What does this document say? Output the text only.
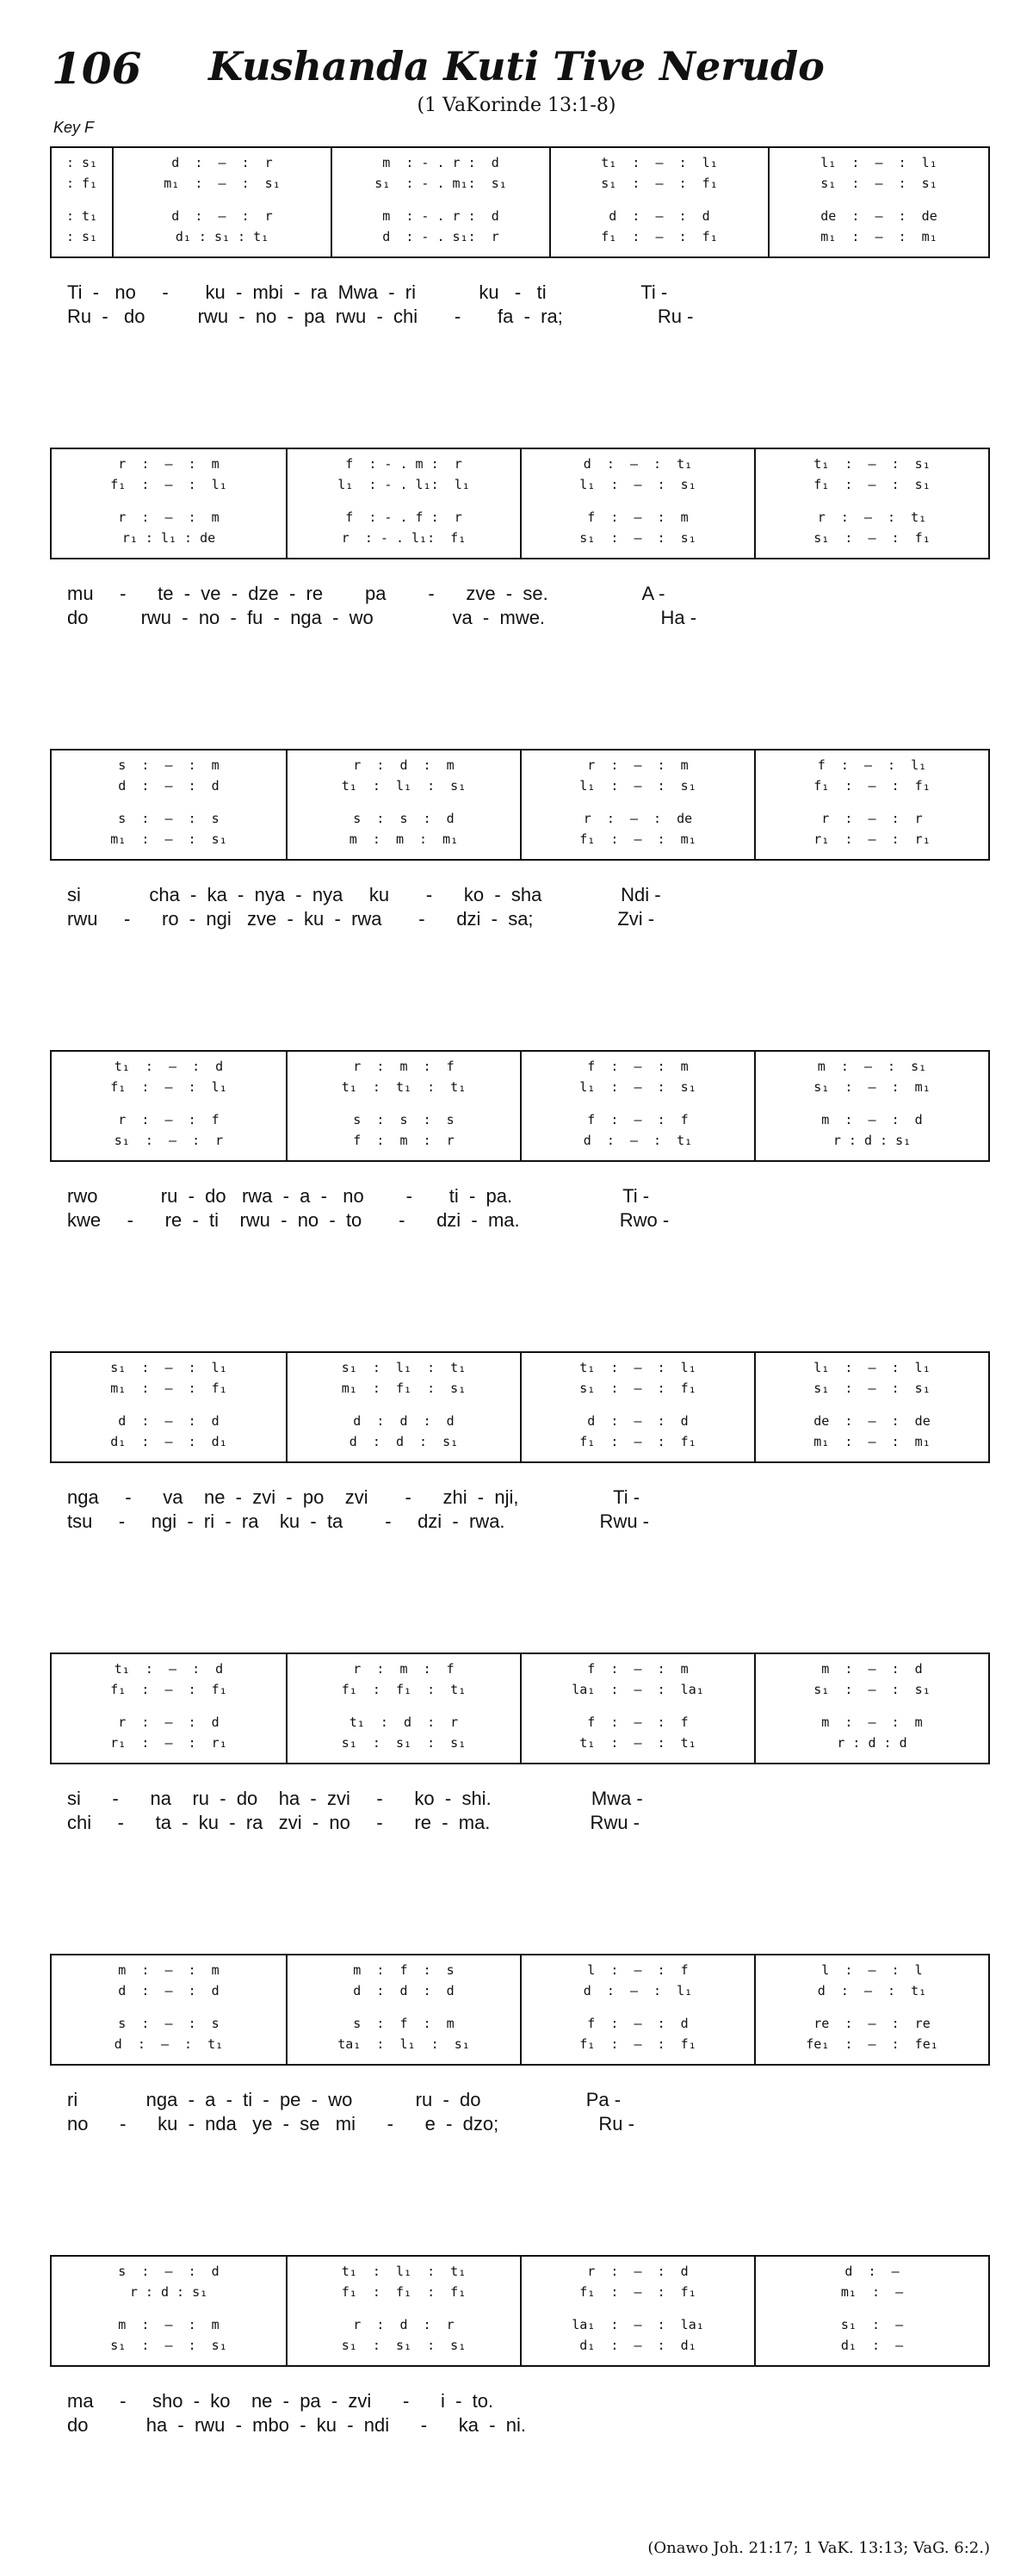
106	Kushanda Kuti Tive Nerudo
(1 VaKorinde 13:1-8)
Key F
: s₁
: f₁
: t₁
: s₁
d  :  —  :  r
m₁  :  —  :  s₁
d  :  —  :  r
d₁ : s₁ : t₁
m  : - . r :  d
s₁  : - . m₁:  s₁
m  : - . r :  d
d  : - . s₁:  r
t₁  :  —  :  l₁
s₁  :  —  :  f₁
d  :  —  :  d
f₁  :  —  :  f₁
l₁  :  —  :  l₁
s₁  :  —  :  s₁
de  :  —  :  de
m₁  :  —  :  m₁
Ti  -   no     -       ku  -  mbi  -  ra  Mwa  -  ri            ku   -   ti                  Ti -
Ru  -   do          rwu  -  no  -  pa  rwu  -  chi       -       fa  -  ra;                  Ru -
r  :  —  :  m
f₁  :  —  :  l₁
r  :  —  :  m
r₁ : l₁ : de
f  : - . m :  r
l₁  : - . l₁:  l₁
f  : - . f :  r
r  : - . l₁:  f₁
d  :  —  :  t₁
l₁  :  —  :  s₁
f  :  —  :  m
s₁  :  —  :  s₁
t₁  :  —  :  s₁
f₁  :  —  :  s₁
r  :  —  :  t₁
s₁  :  —  :  f₁
mu     -      te  -  ve  -  dze  -  re        pa        -      zve  -  se.                  A -
do          rwu  -  no  -  fu  -  nga  -  wo               va  -  mwe.                      Ha -
s  :  —  :  m
d  :  —  :  d
s  :  —  :  s
m₁  :  —  :  s₁
r  :  d  :  m
t₁  :  l₁  :  s₁
s  :  s  :  d
m  :  m  :  m₁
r  :  —  :  m
l₁  :  —  :  s₁
r  :  —  :  de
f₁  :  —  :  m₁
f  :  —  :  l₁
f₁  :  —  :  f₁
r  :  —  :  r
r₁  :  —  :  r₁
si             cha  -  ka  -  nya  -  nya     ku       -      ko  -  sha               Ndi -
rwu     -      ro  -  ngi   zve  -  ku  -  rwa       -      dzi  -  sa;                Zvi -
t₁  :  —  :  d
f₁  :  —  :  l₁
r  :  —  :  f
s₁  :  —  :  r
r  :  m  :  f
t₁  :  t₁  :  t₁
s  :  s  :  s
f  :  m  :  r
f  :  —  :  m
l₁  :  —  :  s₁
f  :  —  :  f
d  :  —  :  t₁
m  :  —  :  s₁
s₁  :  —  :  m₁
m  :  —  :  d
r : d : s₁
rwo            ru  -  do   rwa  -  a  -   no        -       ti  -  pa.                     Ti -
kwe     -      re  -  ti    rwu  -  no  -  to       -      dzi  -  ma.                   Rwo -
s₁  :  —  :  l₁
m₁  :  —  :  f₁
d  :  —  :  d
d₁  :  —  :  d₁
s₁  :  l₁  :  t₁
m₁  :  f₁  :  s₁
d  :  d  :  d
d  :  d  :  s₁
t₁  :  —  :  l₁
s₁  :  —  :  f₁
d  :  —  :  d
f₁  :  —  :  f₁
l₁  :  —  :  l₁
s₁  :  —  :  s₁
de  :  —  :  de
m₁  :  —  :  m₁
nga     -      va    ne  -  zvi  -  po    zvi       -      zhi  -  nji,                  Ti -
tsu     -     ngi  -  ri  -  ra    ku  -  ta        -     dzi  -  rwa.                  Rwu -
t₁  :  —  :  d
f₁  :  —  :  f₁
r  :  —  :  d
r₁  :  —  :  r₁
r  :  m  :  f
f₁  :  f₁  :  t₁
t₁  :  d  :  r
s₁  :  s₁  :  s₁
f  :  —  :  m
la₁  :  —  :  la₁
f  :  —  :  f
t₁  :  —  :  t₁
m  :  —  :  d
s₁  :  —  :  s₁
m  :  —  :  m
r : d : d
si      -      na    ru  -  do    ha  -  zvi     -      ko  -  shi.                   Mwa -
chi     -      ta  -  ku  -  ra   zvi  -  no     -      re  -  ma.                   Rwu -
m  :  —  :  m
d  :  —  :  d
s  :  —  :  s
d  :  —  :  t₁
m  :  f  :  s
d  :  d  :  d
s  :  f  :  m
ta₁  :  l₁  :  s₁
l  :  —  :  f
d  :  —  :  l₁
f  :  —  :  d
f₁  :  —  :  f₁
l  :  —  :  l
d  :  —  :  t₁
re  :  —  :  re
fe₁  :  —  :  fe₁
ri             nga  -  a  -  ti  -  pe  -  wo            ru  -  do                    Pa -
no      -      ku  -  nda   ye  -  se   mi      -      e  -  dzo;                   Ru -
s  :  —  :  d
r : d : s₁
m  :  —  :  m
s₁  :  —  :  s₁
t₁  :  l₁  :  t₁
f₁  :  f₁  :  f₁
r  :  d  :  r
s₁  :  s₁  :  s₁
r  :  —  :  d
f₁  :  —  :  f₁
la₁  :  —  :  la₁
d₁  :  —  :  d₁
d  :  —
m₁  :  —
s₁  :  —
d₁  :  —
ma     -     sho  -  ko    ne  -  pa  -  zvi      -      i  -  to.
do           ha  -  rwu  -  mbo  -  ku  -  ndi      -      ka  -  ni.
(Onawo Joh. 21:17; 1 VaK. 13:13; VaG. 6:2.)
